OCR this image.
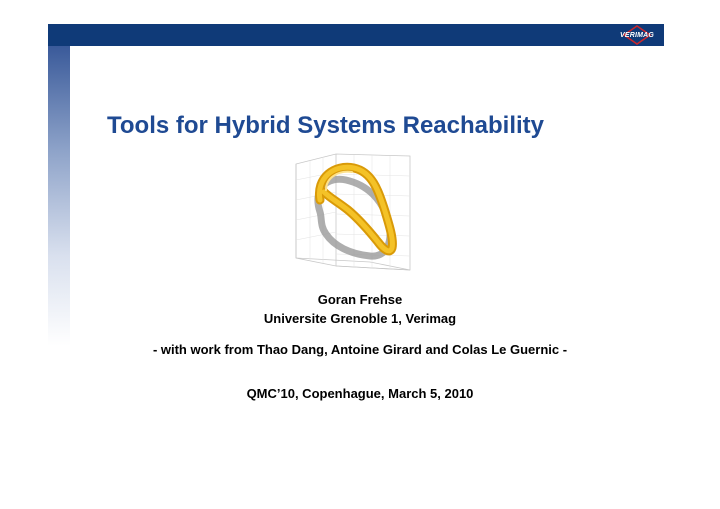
VERIMAG
Tools for Hybrid Systems Reachability
Goran Frehse
Universite Grenoble 1, Verimag
- with work from Thao Dang, Antoine Girard and Colas Le Guernic -
QMC’10, Copenhague, March 5, 2010
